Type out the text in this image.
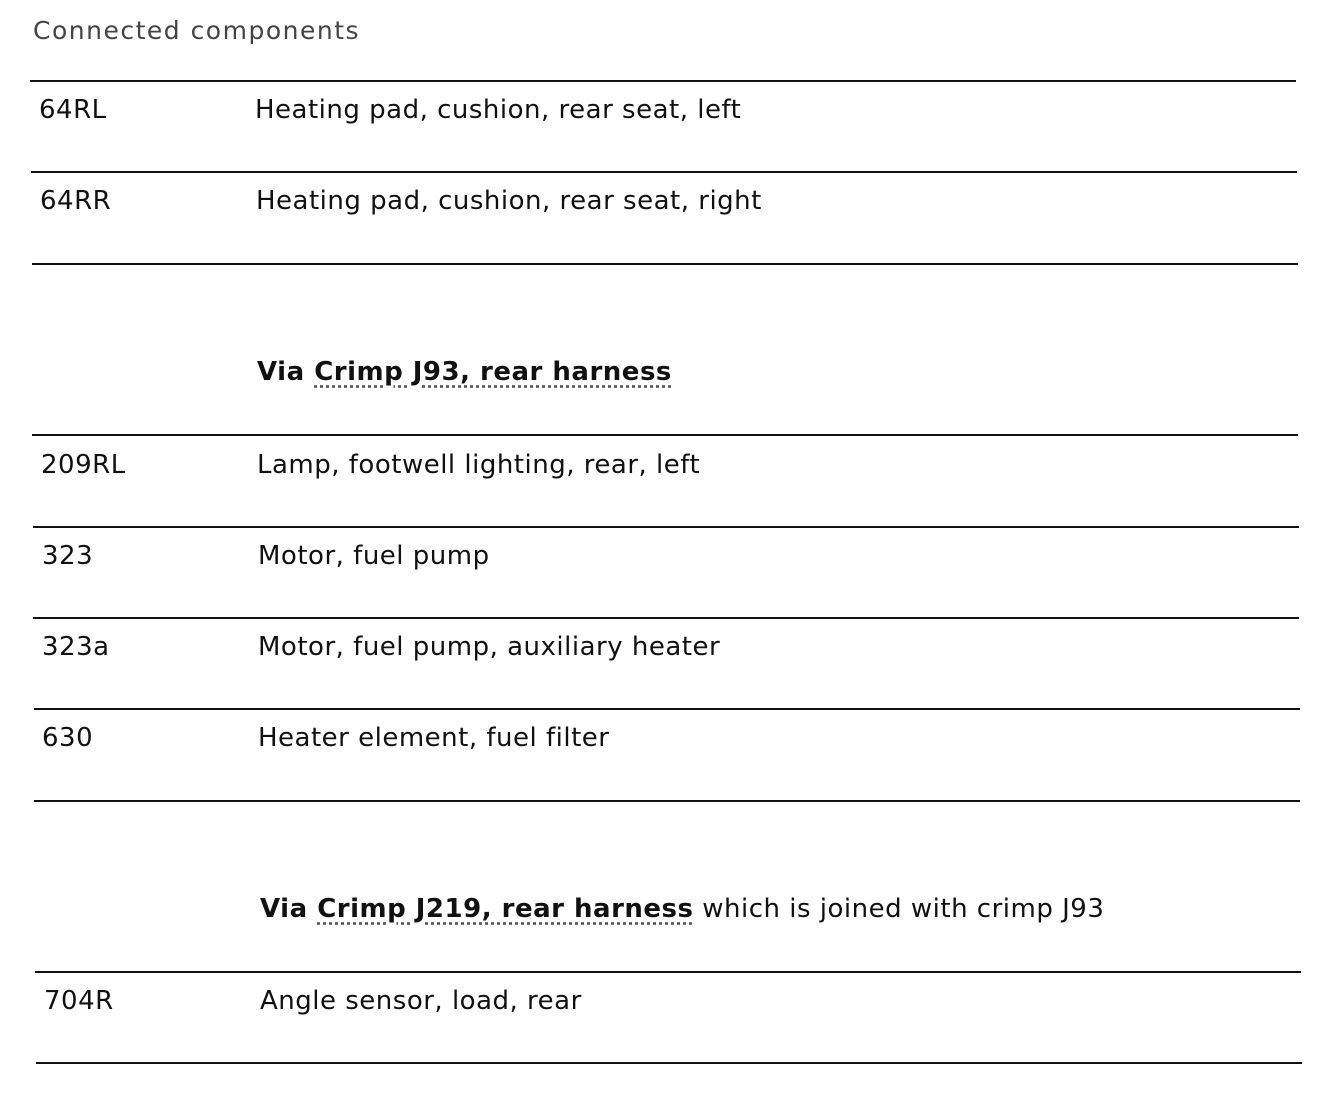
Connected components
64RL	Heating pad, cushion, rear seat, left
64RR	Heating pad, cushion, rear seat, right
Via Crimp J93, rear harness
209RL	Lamp, footwell lighting, rear, left
323	Motor, fuel pump
323a	Motor, fuel pump, auxiliary heater
630	Heater element, fuel filter
Via Crimp J219, rear harness which is joined with crimp J93
704R	Angle sensor, load, rear
